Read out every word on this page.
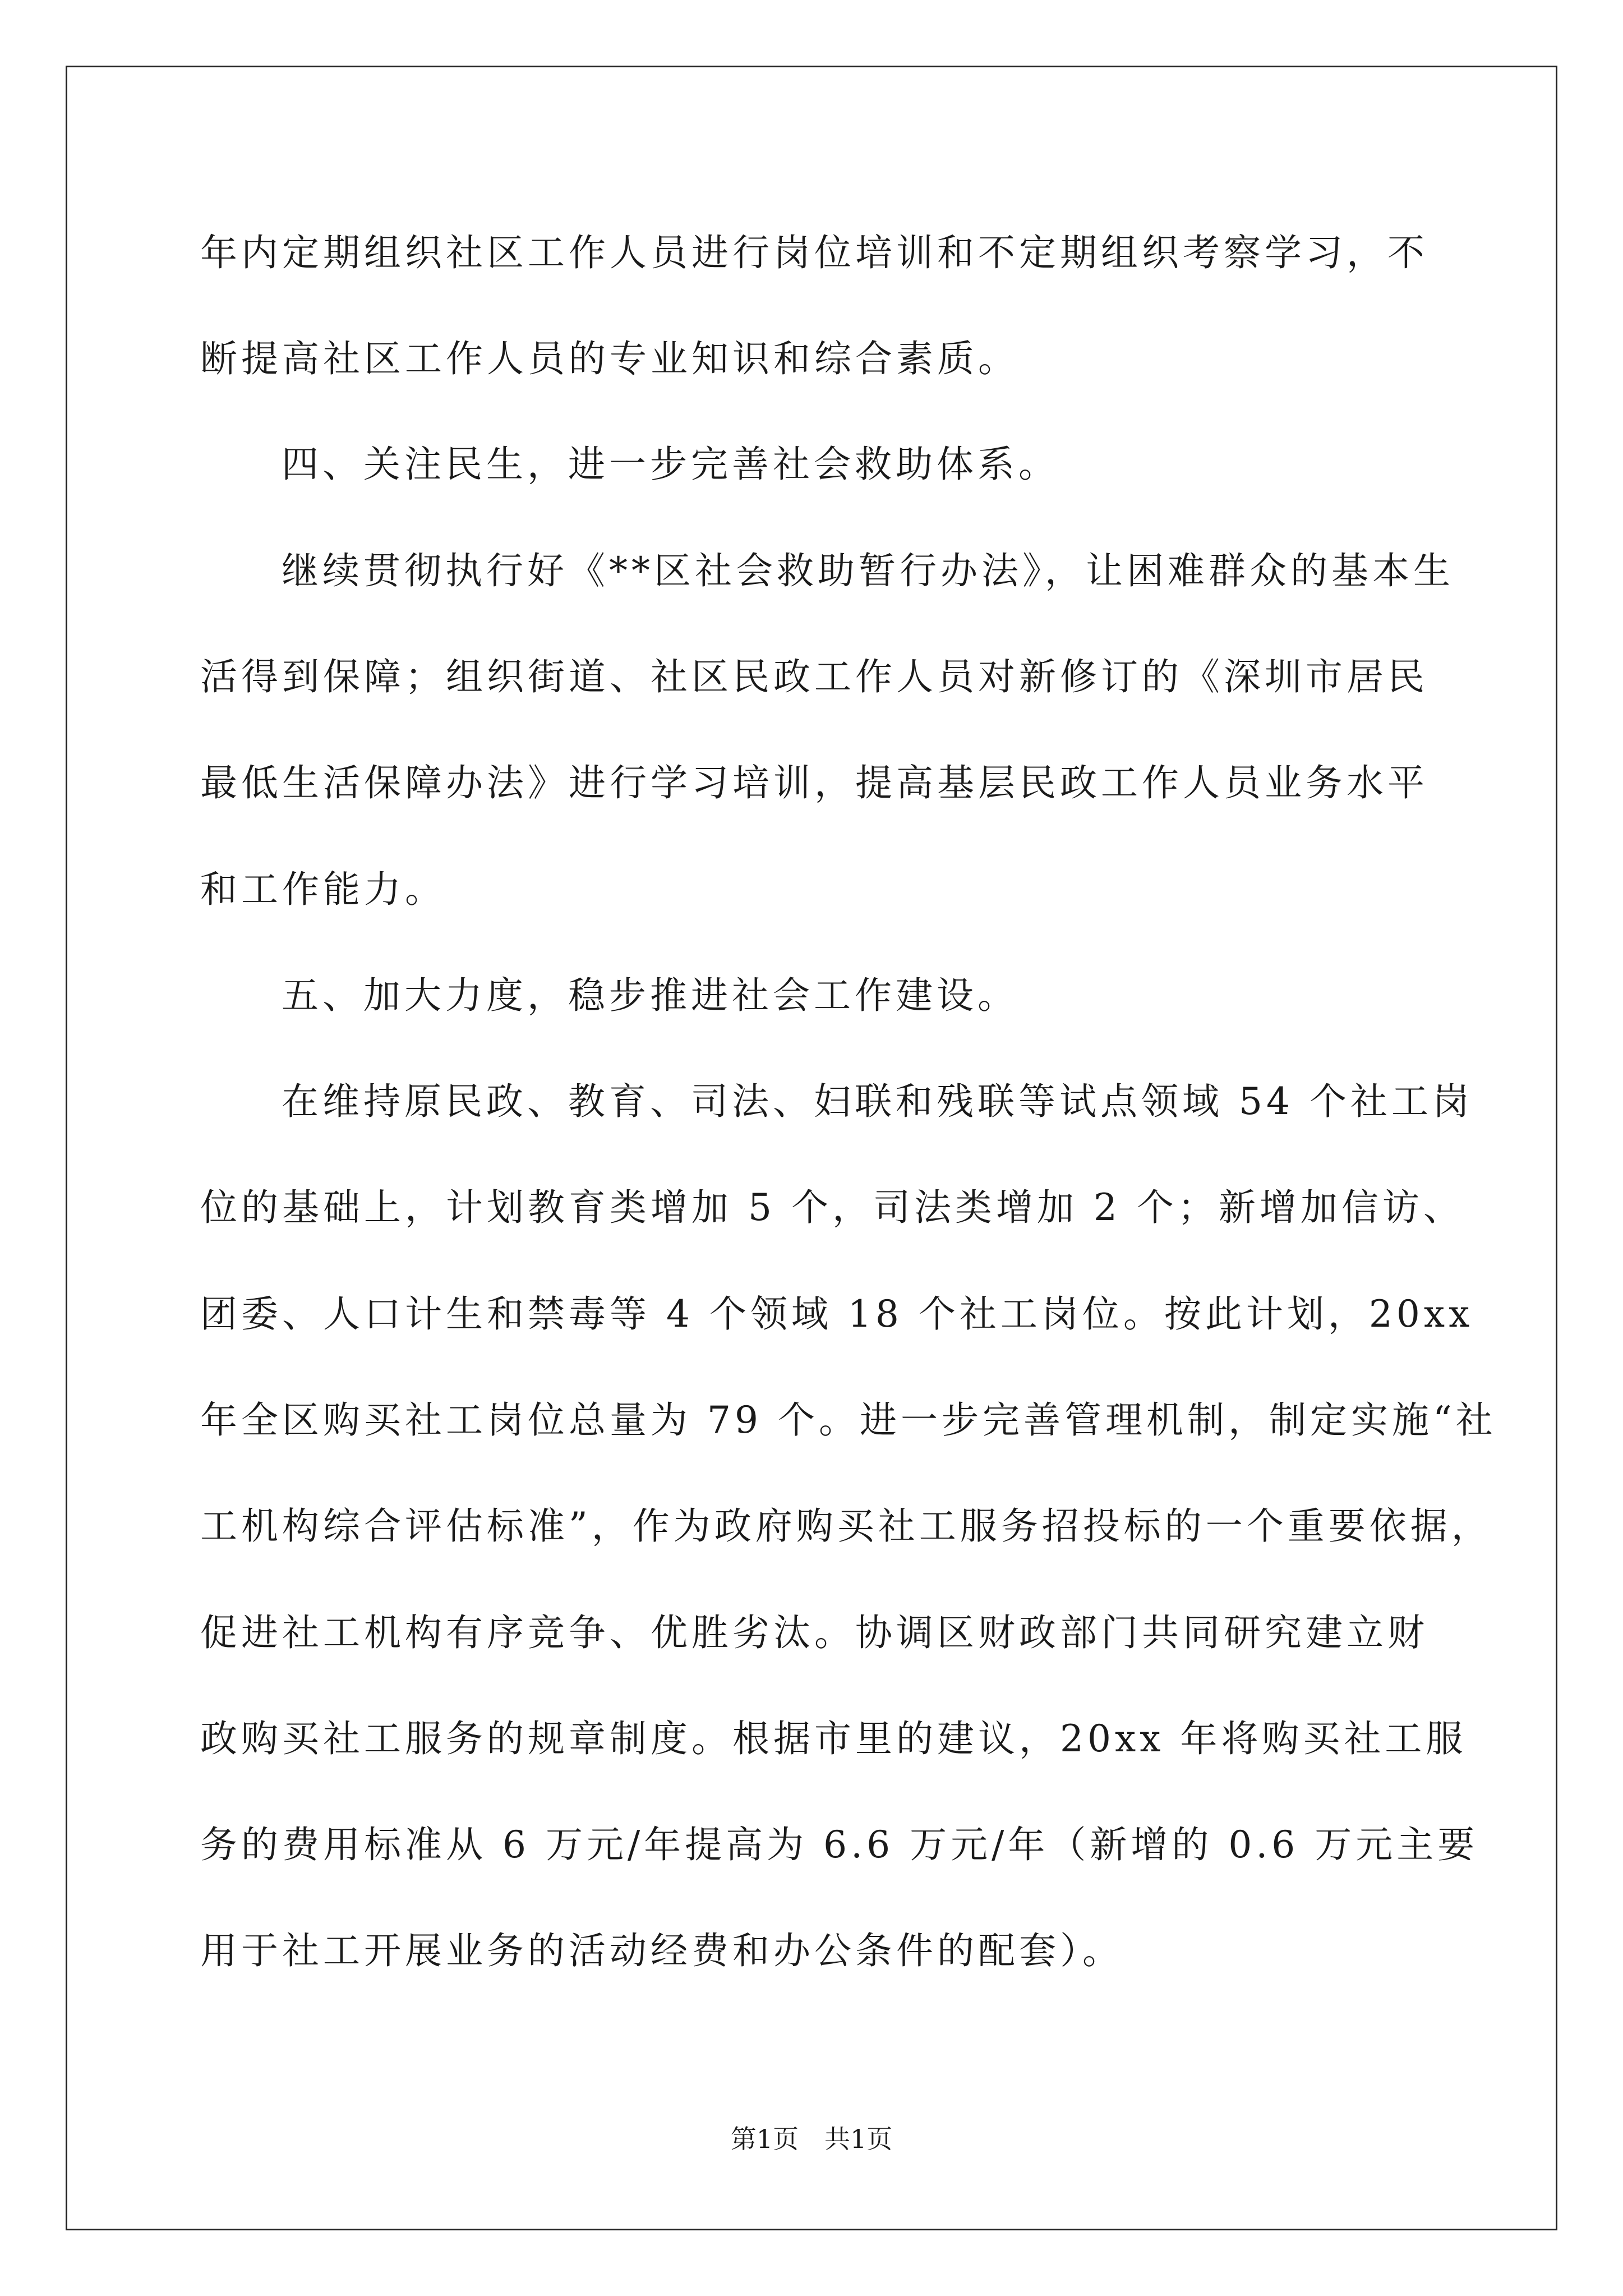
年内定期组织社区工作人员进行岗位培训和不定期组织考察学习，不

断提高社区工作人员的专业知识和综合素质。

四、关注民生，进一步完善社会救助体系。

继续贯彻执行好《**区社会救助暂行办法》，让困难群众的基本生

活得到保障；组织街道、社区民政工作人员对新修订的《深圳市居民

最低生活保障办法》进行学习培训，提高基层民政工作人员业务水平

和工作能力。

五、加大力度，稳步推进社会工作建设。

在维持原民政、教育、司法、妇联和残联等试点领域 54 个社工岗

位的基础上，计划教育类增加 5 个，司法类增加 2 个；新增加信访、

团委、人口计生和禁毒等 4 个领域 18 个社工岗位。按此计划，20xx

年全区购买社工岗位总量为 79 个。进一步完善管理机制，制定实施“社

工机构综合评估标准”，作为政府购买社工服务招投标的一个重要依据，

促进社工机构有序竞争、优胜劣汰。协调区财政部门共同研究建立财

政购买社工服务的规章制度。根据市里的建议，20xx 年将购买社工服

务的费用标准从 6 万元/年提高为 6.6 万元/年（新增的 0.6 万元主要

用于社工开展业务的活动经费和办公条件的配套）。

第1页 共1页
